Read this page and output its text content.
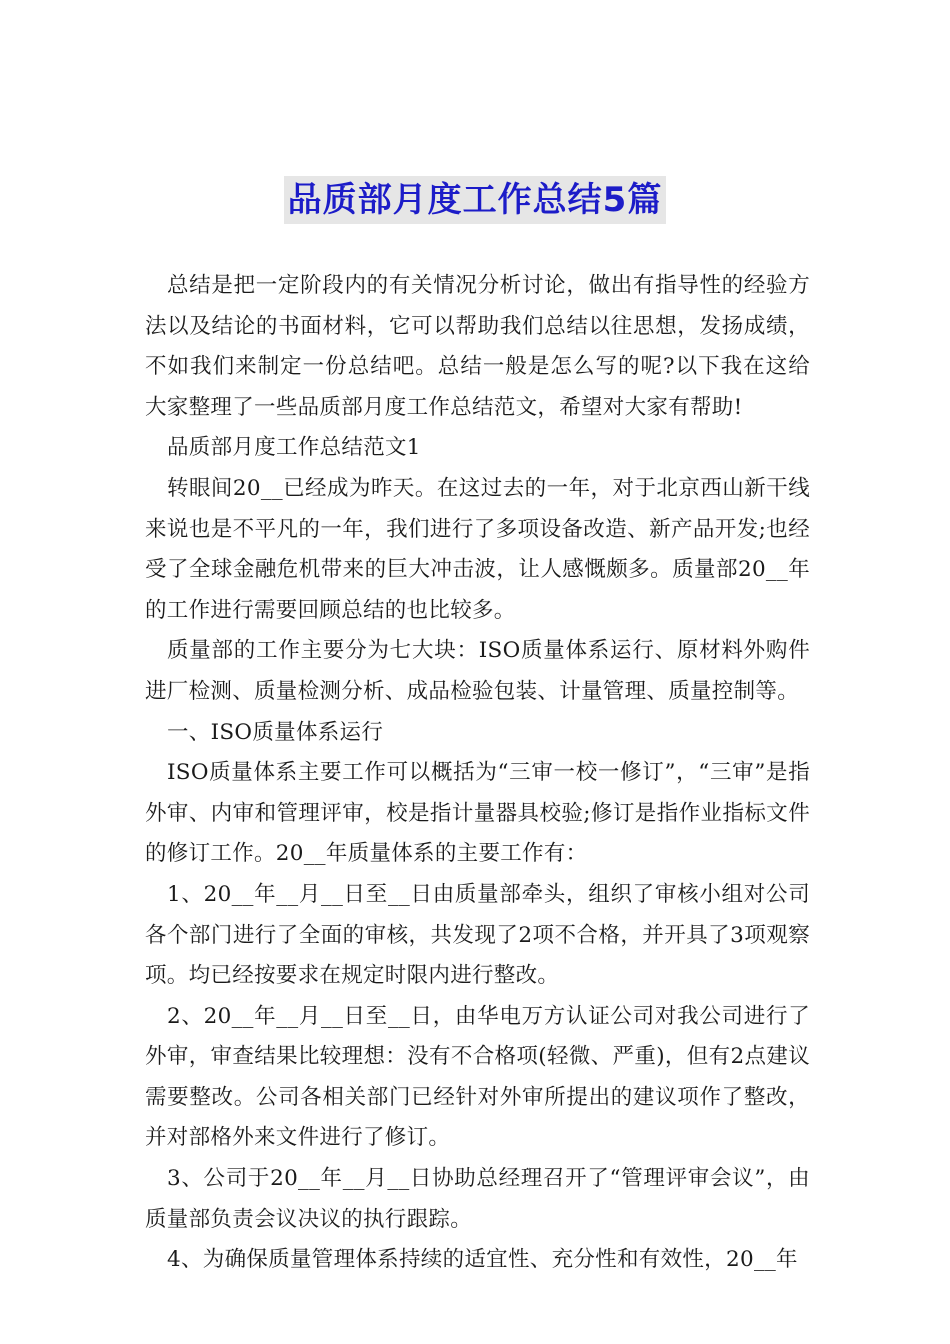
品质部月度工作总结5篇

总结是把一定阶段内的有关情况分析讨论，做出有指导性的经验方法以及结论的书面材料，它可以帮助我们总结以往思想，发扬成绩，不如我们来制定一份总结吧。总结一般是怎么写的呢?以下我在这给大家整理了一些品质部月度工作总结范文，希望对大家有帮助!

品质部月度工作总结范文1

转眼间20__已经成为昨天。在这过去的一年，对于北京西山新干线来说也是不平凡的一年，我们进行了多项设备改造、新产品开发;也经受了全球金融危机带来的巨大冲击波，让人感慨颇多。质量部20__年的工作进行需要回顾总结的也比较多。

质量部的工作主要分为七大块：ISO质量体系运行、原材料外购件进厂检测、质量检测分析、成品检验包装、计量管理、质量控制等。

一、ISO质量体系运行

ISO质量体系主要工作可以概括为“三审一校一修订”，“三审”是指外审、内审和管理评审，校是指计量器具校验;修订是指作业指标文件的修订工作。20__年质量体系的主要工作有：

1、20__年__月__日至__日由质量部牵头，组织了审核小组对公司各个部门进行了全面的审核，共发现了2项不合格，并开具了3项观察项。均已经按要求在规定时限内进行整改。

2、20__年__月__日至__日，由华电万方认证公司对我公司进行了外审，审查结果比较理想：没有不合格项(轻微、严重)，但有2点建议需要整改。公司各相关部门已经针对外审所提出的建议项作了整改，并对部格外来文件进行了修订。

3、公司于20__年__月__日协助总经理召开了“管理评审会议”，由质量部负责会议决议的执行跟踪。

4、为确保质量管理体系持续的适宜性、充分性和有效性，20__年
